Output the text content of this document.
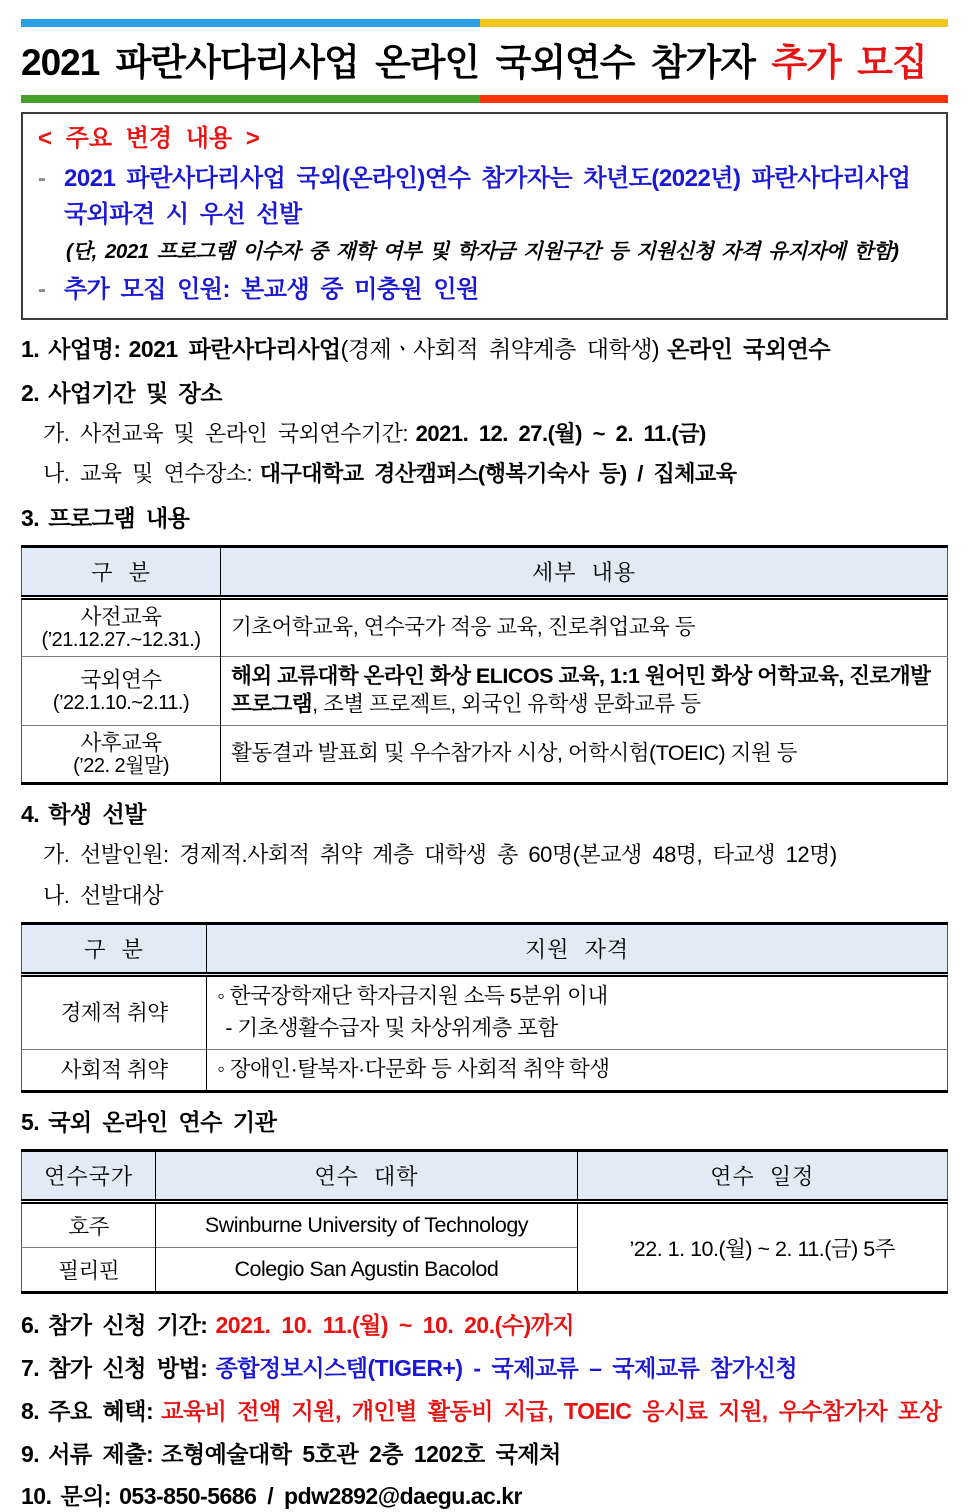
2021 파란사다리사업 온라인 국외연수 참가자 추가 모집
< 주요 변경 내용 >
- 2021 파란사다리사업 국외(온라인)연수 참가자는 차년도(2022년) 파란사다리사업 국외파견 시 우선 선발
(단, 2021 프로그램 이수자 중 재학 여부 및 학자금 지원구간 등 지원신청 자격 유지자에 한함)
- 추가 모집 인원: 본교생 중 미충원 인원
1. 사업명: 2021 파란사다리사업(경제ㆍ사회적 취약계층 대학생) 온라인 국외연수
2. 사업기간 및 장소
가. 사전교육 및 온라인 국외연수기간: 2021. 12. 27.(월) ~ 2. 11.(금)
나. 교육 및 연수장소: 대구대학교 경산캠퍼스(행복기숙사 등) / 집체교육
3. 프로그램 내용
구 분	세부 내용
사전교육
(’21.12.27.~12.31.)	기초어학교육, 연수국가 적응 교육, 진로취업교육 등
국외연수
(’22.1.10.~2.11.)	해외 교류대학 온라인 화상 ELICOS 교육, 1:1 원어민 화상 어학교육, 진로개발 프로그램, 조별 프로젝트, 외국인 유학생 문화교류 등
사후교육
(’22. 2월말)	활동결과 발표회 및 우수참가자 시상, 어학시험(TOEIC) 지원 등
4. 학생 선발
가. 선발인원: 경제적.사회적 취약 계층 대학생 총 60명(본교생 48명, 타교생 12명)
나. 선발대상
구 분	지원 자격
경제적 취약	◦ 한국장학재단 학자금지원 소득 5분위 이내
- 기초생활수급자 및 차상위계층 포함

사회적 취약	◦ 장애인·탈북자·다문화 등 사회적 취약 학생
5. 국외 온라인 연수 기관
연수국가	연수 대학	연수 일정
호주	Swinburne University of Technology	’22. 1. 10.(월) ~ 2. 11.(금) 5주
필리핀	Colegio San Agustin Bacolod	
6. 참가 신청 기간: 2021. 10. 11.(월) ~ 10. 20.(수)까지
7. 참가 신청 방법: 종합정보시스템(TIGER+) - 국제교류 – 국제교류 참가신청
8. 주요 혜택: 교육비 전액 지원, 개인별 활동비 지급, TOEIC 응시료 지원, 우수참가자 포상
9. 서류 제출: 조형예술대학 5호관 2층 1202호 국제처
10. 문의: 053-850-5686 / pdw2892@daegu.ac.kr
